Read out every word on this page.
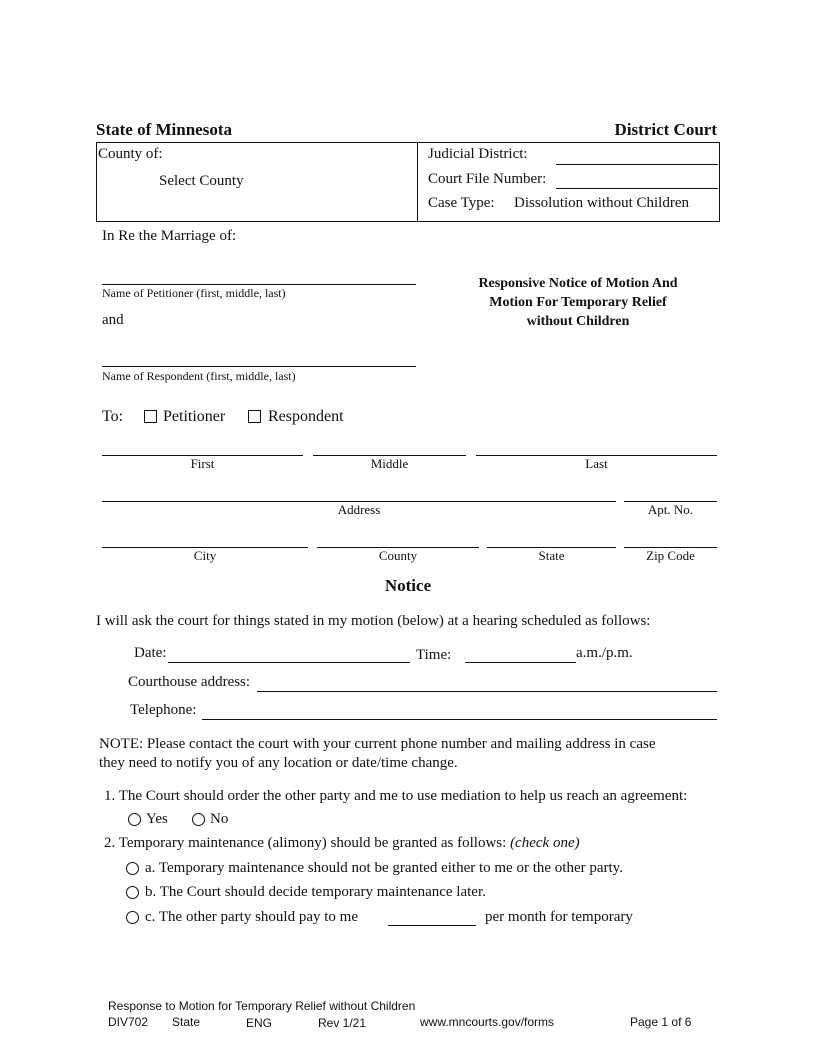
State of Minnesota	District Court
County of:
Select County

Judicial District:
Court File Number:
Case Type: Dissolution without Children
In Re the Marriage of:
Name of Petitioner (first, middle, last)
and
Name of Respondent (first, middle, last)
Responsive Notice of Motion And
Motion For Temporary Relief
without Children
To: Petitioner	Respondent
First	Middle	Last
Address	Apt. No.
City	County	State	Zip Code
Notice
I will ask the court for things stated in my motion (below) at a hearing scheduled as follows:
Date:	Time:	a.m./p.m.
Courthouse address:
Telephone:
NOTE: Please contact the court with your current phone number and mailing address in case
they need to notify you of any location or date/time change.
1. The Court should order the other party and me to use mediation to help us reach an agreement:
Yes	No
2. Temporary maintenance (alimony) should be granted as follows: (check one)
a. Temporary maintenance should not be granted either to me or the other party.
b. The Court should decide temporary maintenance later.
c. The other party should pay to me	per month for temporary
Response to Motion for Temporary Relief without Children
DIV702 State	ENG	Rev 1/21	www.mncourts.gov/forms	Page 1 of 6
